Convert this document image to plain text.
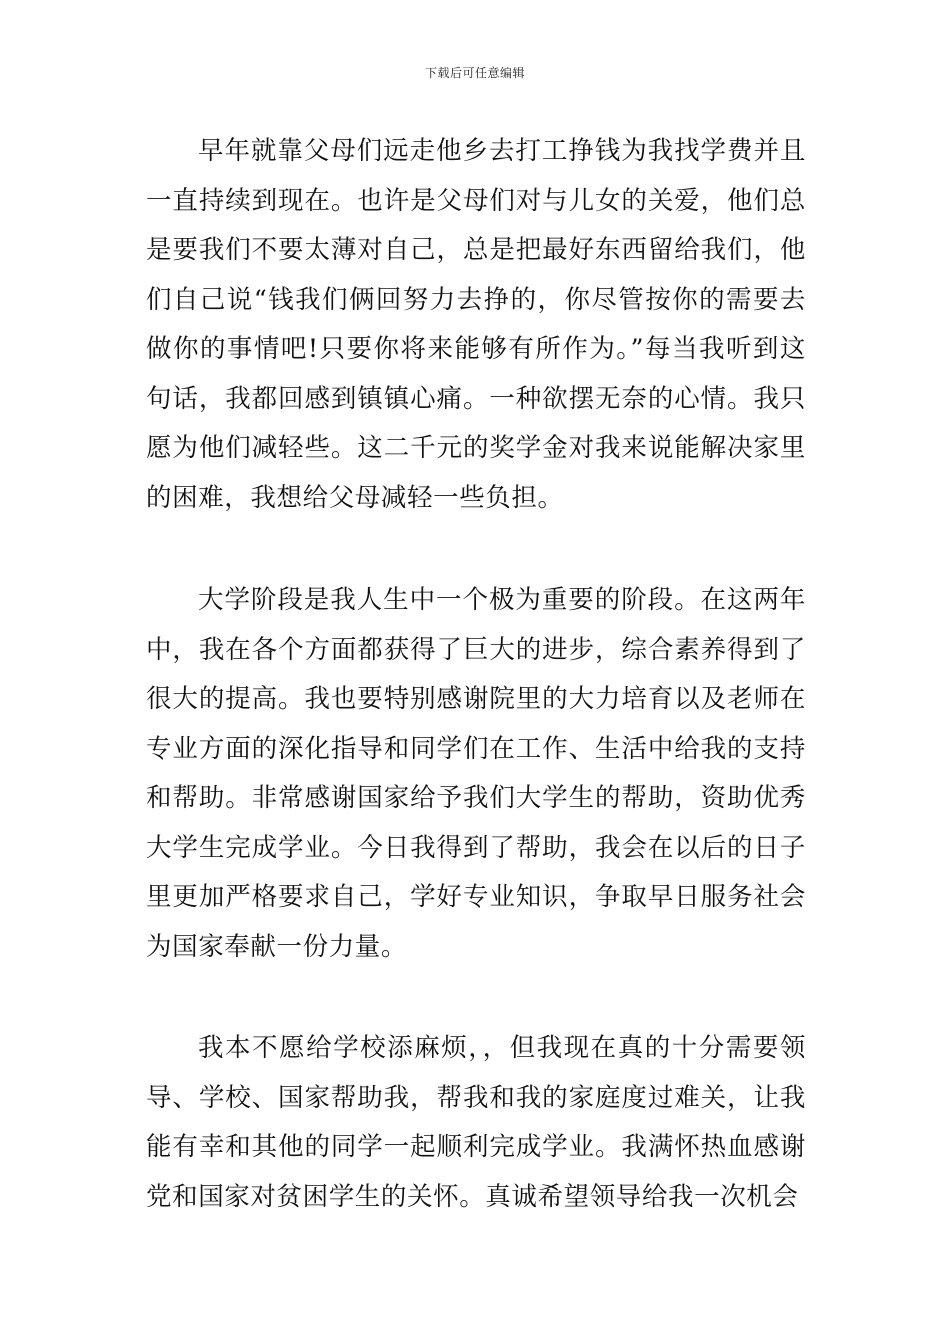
下载后可任意编辑

早年就靠父母们远走他乡去打工挣钱为我找学费并且一直持续到现在。也许是父母们对与儿女的关爱，他们总是要我们不要太薄对自己，总是把最好东西留给我们，他们自己说“钱我们俩回努力去挣的，你尽管按你的需要去做你的事情吧!只要你将来能够有所作为。”每当我听到这句话，我都回感到镇镇心痛。一种欲摆无奈的心情。我只愿为他们减轻些。这二千元的奖学金对我来说能解决家里的困难，我想给父母减轻一些负担。

大学阶段是我人生中一个极为重要的阶段。在这两年中，我在各个方面都获得了巨大的进步，综合素养得到了很大的提高。我也要特别感谢院里的大力培育以及老师在专业方面的深化指导和同学们在工作、生活中给我的支持和帮助。非常感谢国家给予我们大学生的帮助，资助优秀大学生完成学业。今日我得到了帮助，我会在以后的日子里更加严格要求自己，学好专业知识，争取早日服务社会为国家奉献一份力量。

我本不愿给学校添麻烦，，但我现在真的十分需要领导、学校、国家帮助我，帮我和我的家庭度过难关，让我能有幸和其他的同学一起顺利完成学业。我满怀热血感谢党和国家对贫困学生的关怀。真诚希望领导给我一次机会
